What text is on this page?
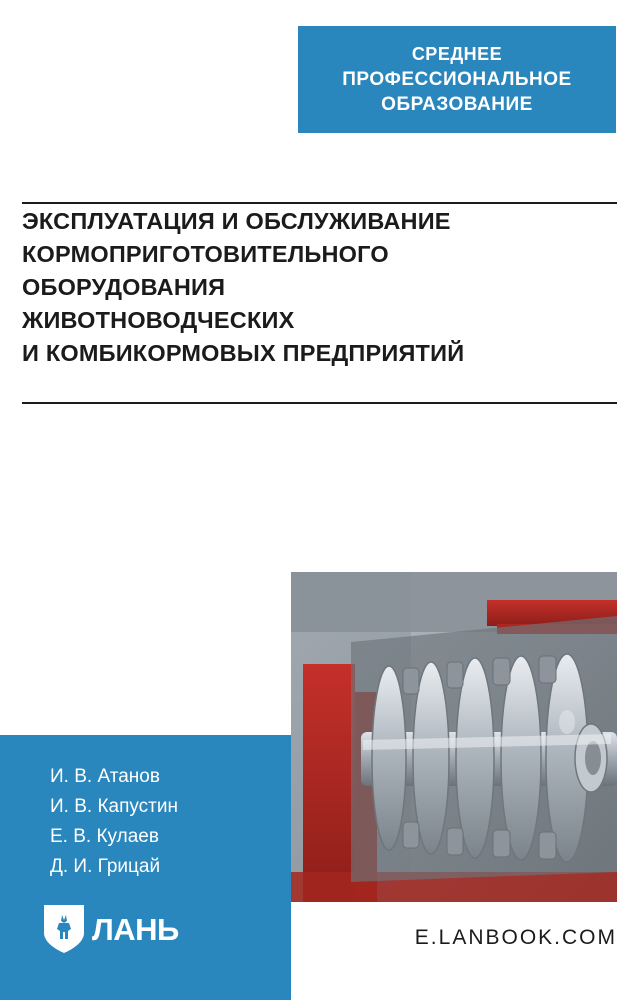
СРЕДНЕЕ
ПРОФЕССИОНАЛЬНОЕ
ОБРАЗОВАНИЕ
ЭКСПЛУАТАЦИЯ И ОБСЛУЖИВАНИЕ
КОРМОПРИГОТОВИТЕЛЬНОГО
ОБОРУДОВАНИЯ
ЖИВОТНОВОДЧЕСКИХ
И КОМБИКОРМОВЫХ ПРЕДПРИЯТИЙ
И. В. Атанов
И. В. Капустин
Е. В. Кулаев
Д. И. Грицай
ЛАНЬ	E.LANBOOK.COM
